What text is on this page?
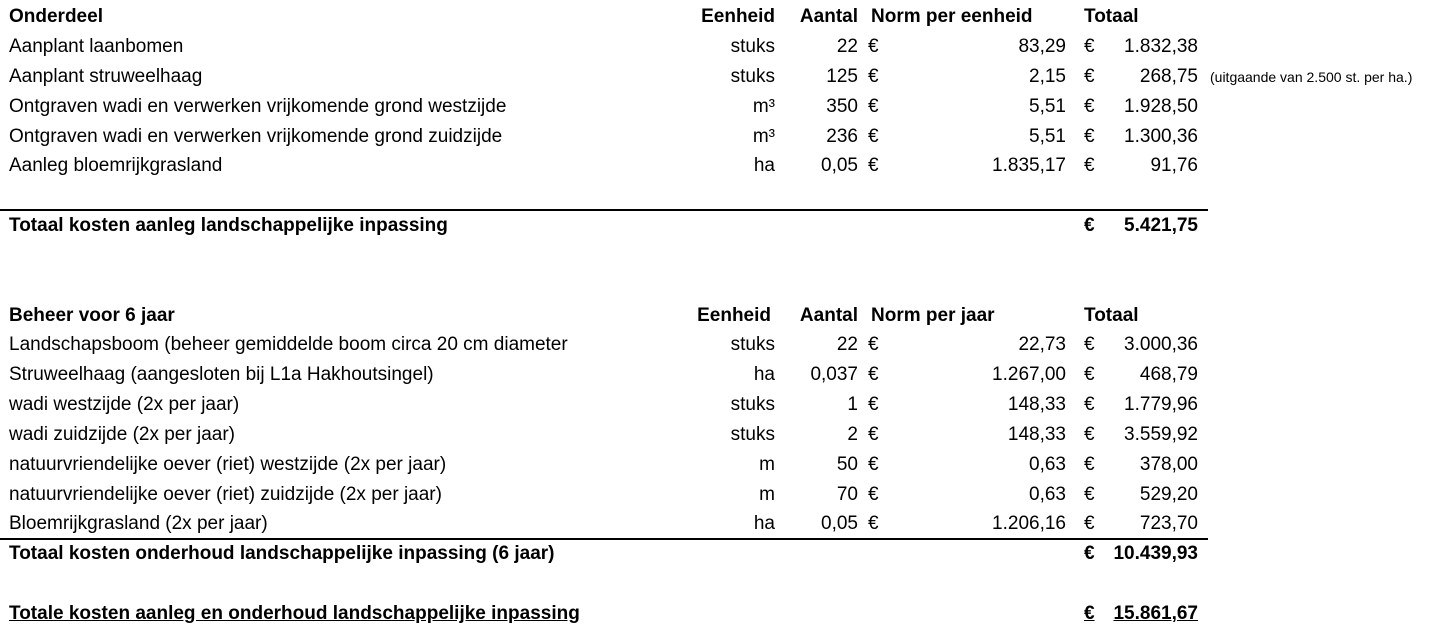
Onderdeel	Eenheid Aantal Norm per eenheid	Totaal
Aanplant laanbomen	stuks	22 €	83,29 € 1.832,38
Aanplant struweelhaag	stuks	125 €	2,15 € 268,75 (uitgaande van 2.500 st. per ha.)
Ontgraven wadi en verwerken vrijkomende grond westzijde	m³	350 €	5,51 € 1.928,50
Ontgraven wadi en verwerken vrijkomende grond zuidzijde	m³	236 €	5,51 € 1.300,36
Aanleg bloemrijkgrasland	ha 0,05 €	1.835,17 €	91,76
Totaal kosten aanleg landschappelijke inpassing	€ 5.421,75
Beheer voor 6 jaar	Eenheid Aantal Norm per jaar	Totaal
Landschapsboom (beheer gemiddelde boom circa 20 cm diameter	stuks	22 €	22,73 € 3.000,36
Struweelhaag (aangesloten bij L1a Hakhoutsingel)	ha 0,037 €	1.267,00 € 468,79
wadi westzijde (2x per jaar)	stuks	1 €	148,33 € 1.779,96
wadi zuidzijde (2x per jaar)	stuks	2 €	148,33 € 3.559,92
natuurvriendelijke oever (riet) westzijde (2x per jaar)	m	50 €	0,63 € 378,00
natuurvriendelijke oever (riet) zuidzijde (2x per jaar)	m	70 €	0,63 € 529,20
Bloemrijkgrasland (2x per jaar)	ha 0,05 €	1.206,16 € 723,70
Totaal kosten onderhoud landschappelijke inpassing (6 jaar)	€ 10.439,93
Totale kosten aanleg en onderhoud landschappelijke inpassing	€ 15.861,67
